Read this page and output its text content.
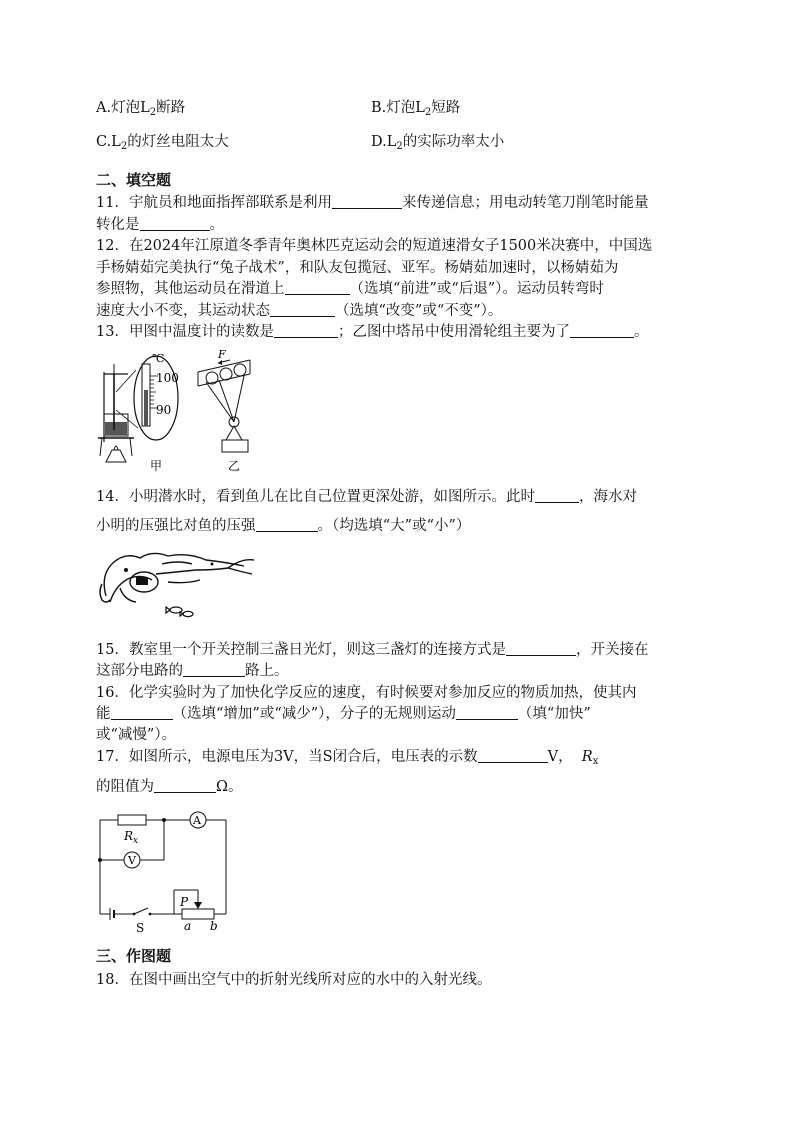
A.灯泡$L_2$断路	B.灯泡$L_2$短路
$C.L_2$的灯丝电阻太大	$D.L_2$的实际功率太小
二、填空题
11．宇航员和地面指挥部联系是利用	来传递信息；用电动转笔刀削笔时能量
转化是	。
12．在2024年江原道冬季青年奥林匹克运动会的短道速滑女子1500米决赛中，中国选
手杨婧茹完美执行“兔子战术”，和队友包揽冠、亚军。杨婧茹加速时，以杨婧茹为
参照物，其他运动员在滑道上	（选填“前进”或“后退”）。运动员转弯时
速度大小不变，其运动状态	（选填“改变”或“不变”）。
13．甲图中温度计的读数是	；乙图中塔吊中使用滑轮组主要为了	。
℃
100
90
甲
F
乙
14．小明潜水时，看到鱼儿在比自己位置更深处游，如图所示。此时	，海水对
小明的压强比对鱼的压强	。（均选填“大”或“小”）
15．教室里一个开关控制三盏日光灯，则这三盏灯的连接方式是	，开关接在
这部分电路的	路上。
16．化学实验时为了加快化学反应的速度，有时候要对参加反应的物质加热，使其内
能	（选填“增加”或“减少”），分子的无规则运动	（填“加快”
或“减慢”）。
17．如图所示，电源电压为3V，当S闭合后，电压表的示数	V， $R_x$
的阻值为	Ω。
$R_x$
A
V
S
P
a b
三、作图题
18．在图中画出空气中的折射光线所对应的水中的入射光线。
